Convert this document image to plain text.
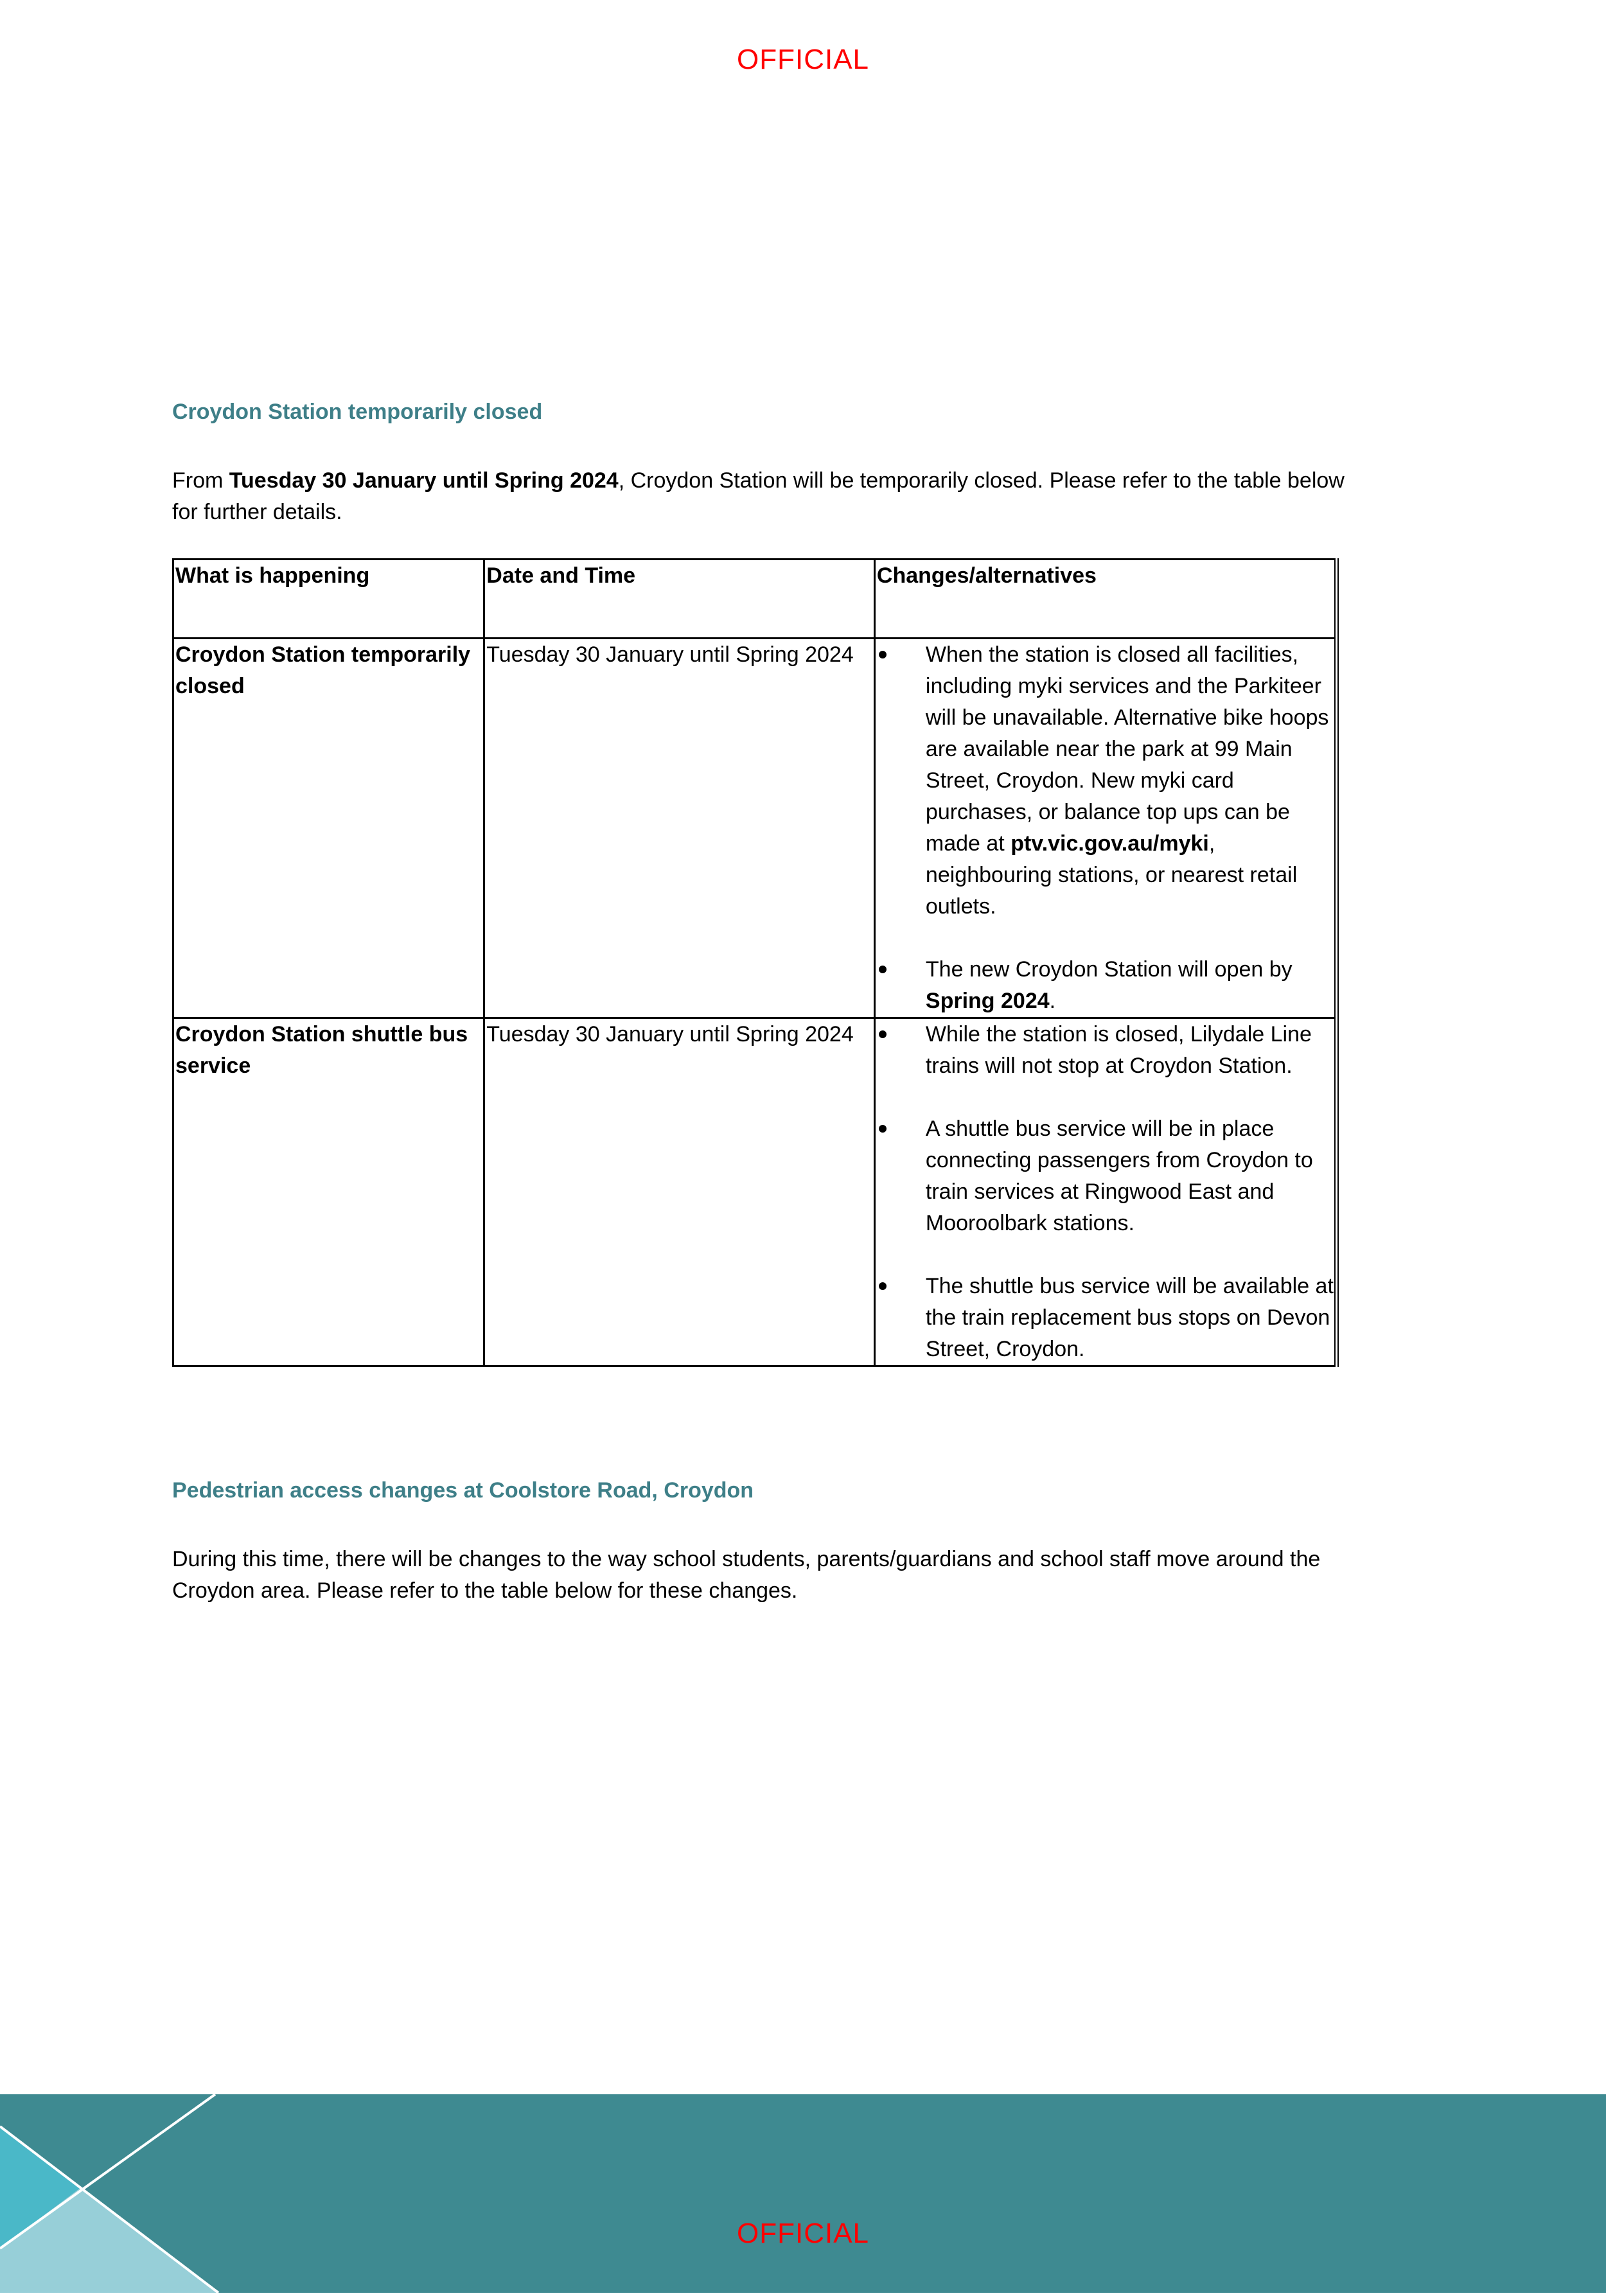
OFFICIAL
Croydon Station temporarily closed
From Tuesday 30 January until Spring 2024, Croydon Station will be temporarily closed. Please refer to the table below for further details.
What is happening	Date and Time	Changes/alternatives
Croydon Station temporarily closed	Tuesday 30 January until Spring 2024	When the station is closed all facilities, including myki services and the Parkiteer will be unavailable. Alternative bike hoops are available near the park at 99 Main Street, Croydon. New myki card purchases, or balance top ups can be made at ptv.vic.gov.au/myki, neighbouring stations, or nearest retail outlets.
The new Croydon Station will open by Spring 2024.

Croydon Station shuttle bus service	Tuesday 30 January until Spring 2024	While the station is closed, Lilydale Line trains will not stop at Croydon Station.
A shuttle bus service will be in place connecting passengers from Croydon to train services at Ringwood East and Mooroolbark stations.
The shuttle bus service will be available at the train replacement bus stops on Devon Street, Croydon.
Pedestrian access changes at Coolstore Road, Croydon
During this time, there will be changes to the way school students, parents/guardians and school staff move around the Croydon area. Please refer to the table below for these changes.
OFFICIAL
